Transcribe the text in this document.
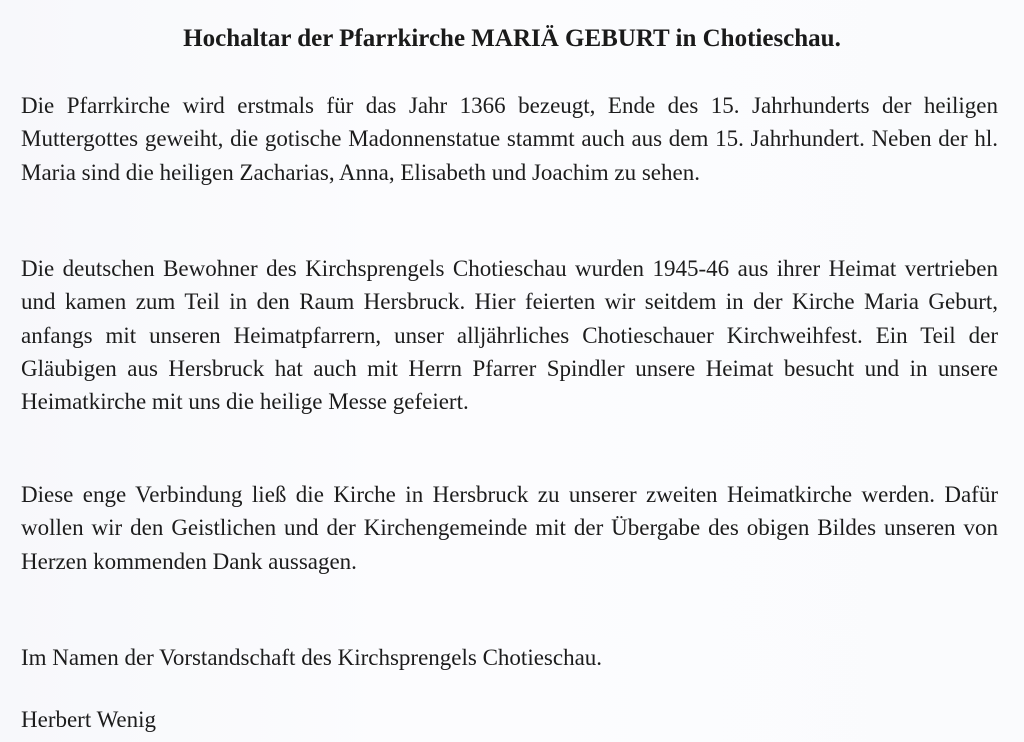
Hochaltar der Pfarrkirche MARIÄ GEBURT in Chotieschau.

Die Pfarrkirche wird erstmals für das Jahr 1366 bezeugt, Ende des 15. Jahrhunderts der heiligen Muttergottes geweiht, die gotische Madonnenstatue stammt auch aus dem 15. Jahrhundert. Neben der hl. Maria sind die heiligen Zacharias, Anna, Elisabeth und Joachim zu sehen.

Die deutschen Bewohner des Kirchsprengels Chotieschau wurden 1945-46 aus ihrer Heimat vertrieben und kamen zum Teil in den Raum Hersbruck. Hier feierten wir seitdem in der Kirche Maria Geburt, anfangs mit unseren Heimatpfarrern, unser alljährliches Chotieschauer Kirchweihfest. Ein Teil der Gläubigen aus Hersbruck hat auch mit Herrn Pfarrer Spindler unsere Heimat besucht und in unsere Heimatkirche mit uns die heilige Messe gefeiert.

Diese enge Verbindung ließ die Kirche in Hersbruck zu unserer zweiten Heimatkirche werden. Dafür wollen wir den Geistlichen und der Kirchengemeinde mit der Übergabe des obigen Bildes unseren von Herzen kommenden Dank aussagen.

Im Namen der Vorstandschaft des Kirchsprengels Chotieschau.

Herbert Wenig
